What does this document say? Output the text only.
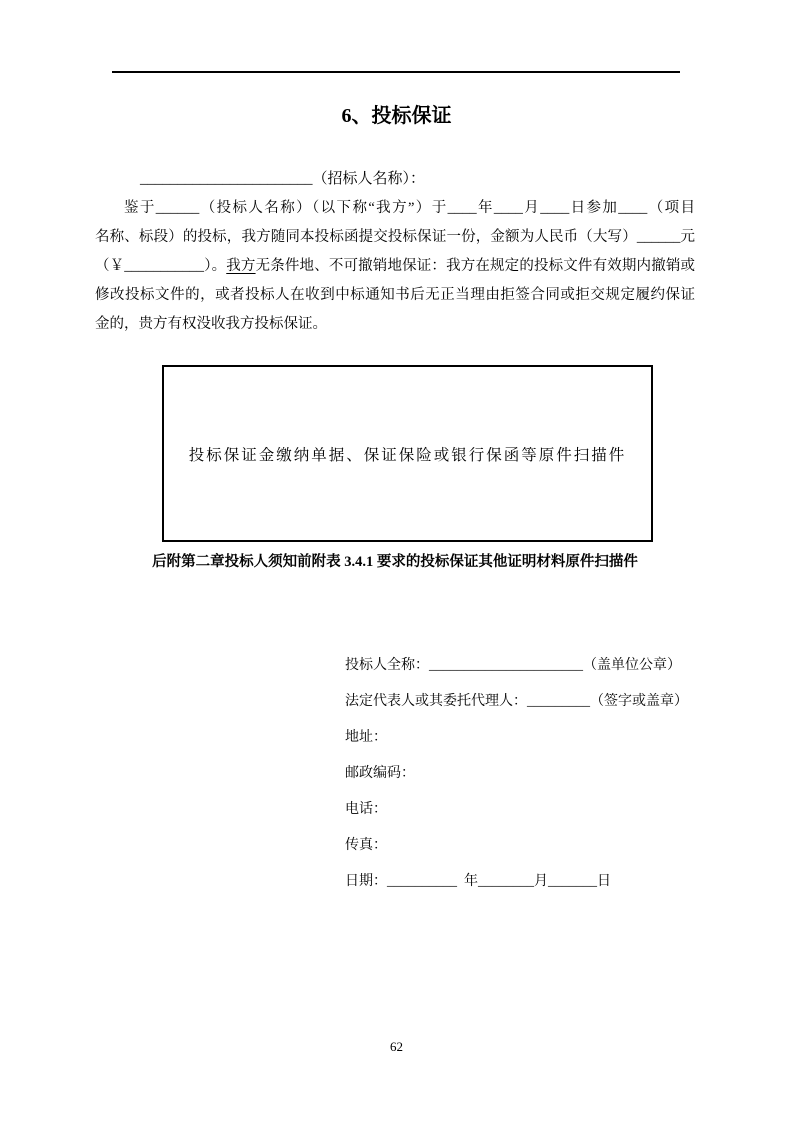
6、投标保证
_______________________（招标人名称）：
鉴于______（投标人名称）（以下称“我方”）于____年____月____日参加____（项目
名称、标段）的投标，我方随同本投标函提交投标保证一份，金额为人民币（大写）______元
（￥___________）。我方无条件地、不可撤销地保证：我方在规定的投标文件有效期内撤销或
修改投标文件的，或者投标人在收到中标通知书后无正当理由拒签合同或拒交规定履约保证
金的，贵方有权没收我方投标保证。
投标保证金缴纳单据、保证保险或银行保函等原件扫描件
后附第二章投标人须知前附表 3.4.1 要求的投标保证其他证明材料原件扫描件
投标人全称：______________________（盖单位公章）
法定代表人或其委托代理人：_________（签字或盖章）
地址：
邮政编码：
电话：
传真：
日期：__________  年________月_______日
62
